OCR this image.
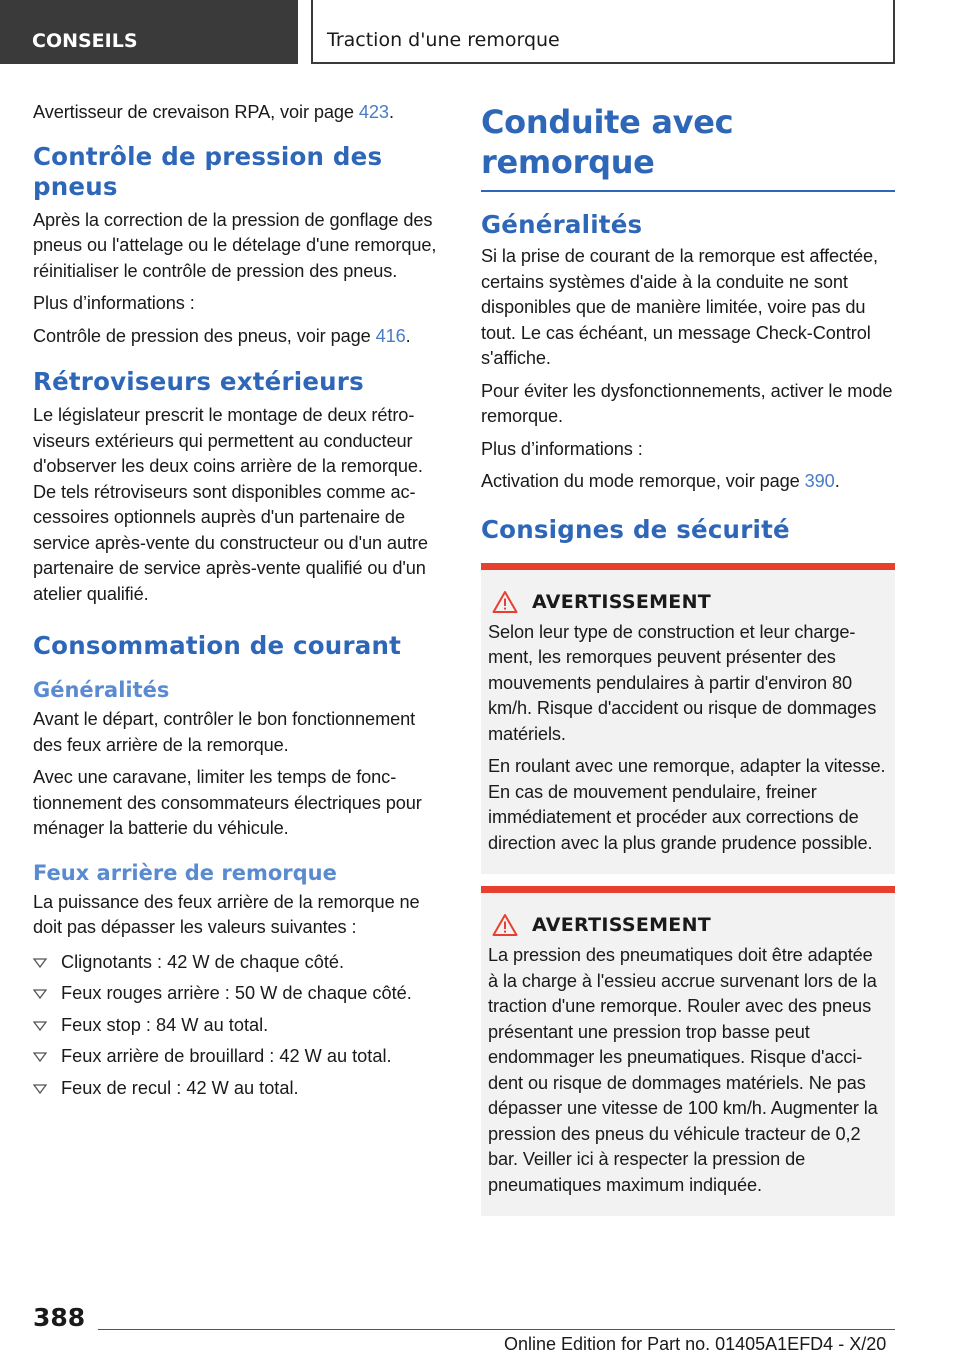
CONSEILS	Traction d'une remorque

Avertisseur de crevaison RPA, voir page 423.

Contrôle de pression des pneus

Après la correction de la pression de gonflage des pneus ou l'attelage ou le dételage d'une remorque, réinitialiser le contrôle de pression des pneus.

Plus d’informations :

Contrôle de pression des pneus, voir page 416.

Rétroviseurs extérieurs

Le législateur prescrit le montage de deux rétroviseurs extérieurs qui permettent au conducteur d'observer les deux coins arrière de la remorque. De tels rétroviseurs sont disponibles comme accessoires optionnels auprès d'un partenaire de service après-vente du constructeur ou d'un autre partenaire de service après-vente qualifié ou d'un atelier qualifié.

Consommation de courant
Généralités

Avant le départ, contrôler le bon fonctionnement des feux arrière de la remorque.

Avec une caravane, limiter les temps de fonctionnement des consommateurs électriques pour ménager la batterie du véhicule.

Feux arrière de remorque

La puissance des feux arrière de la remorque ne doit pas dépasser les valeurs suivantes :

Clignotants : 42 W de chaque côté.
Feux rouges arrière : 50 W de chaque côté.
Feux stop : 84 W au total.
Feux arrière de brouillard : 42 W au total.
Feux de recul : 42 W au total.
Conduite avec remorque
Généralités

Si la prise de courant de la remorque est affectée, certains systèmes d'aide à la conduite ne sont disponibles que de manière limitée, voire pas du tout. Le cas échéant, un message Check-Control s'affiche.

Pour éviter les dysfonctionnements, activer le mode remorque.

Plus d’informations :

Activation du mode remorque, voir page 390.

Consignes de sécurité
AVERTISSEMENT

Selon leur type de construction et leur chargement, les remorques peuvent présenter des mouvements pendulaires à partir d'environ 80 km/h. Risque d'accident ou risque de dommages matériels.

En roulant avec une remorque, adapter la vitesse. En cas de mouvement pendulaire, freiner immédiatement et procéder aux corrections de direction avec la plus grande prudence possible.

AVERTISSEMENT

La pression des pneumatiques doit être adaptée à la charge à l'essieu accrue survenant lors de la traction d'une remorque. Rouler avec des pneus présentant une pression trop basse peut endommager les pneumatiques. Risque d'accident ou risque de dommages matériels. Ne pas dépasser une vitesse de 100 km/h. Augmenter la pression des pneus du véhicule tracteur de 0,2 bar. Veiller ici à respecter la pression de pneumatiques maximum indiquée.

388
Online Edition for Part no. 01405A1EFD4 - X/20
